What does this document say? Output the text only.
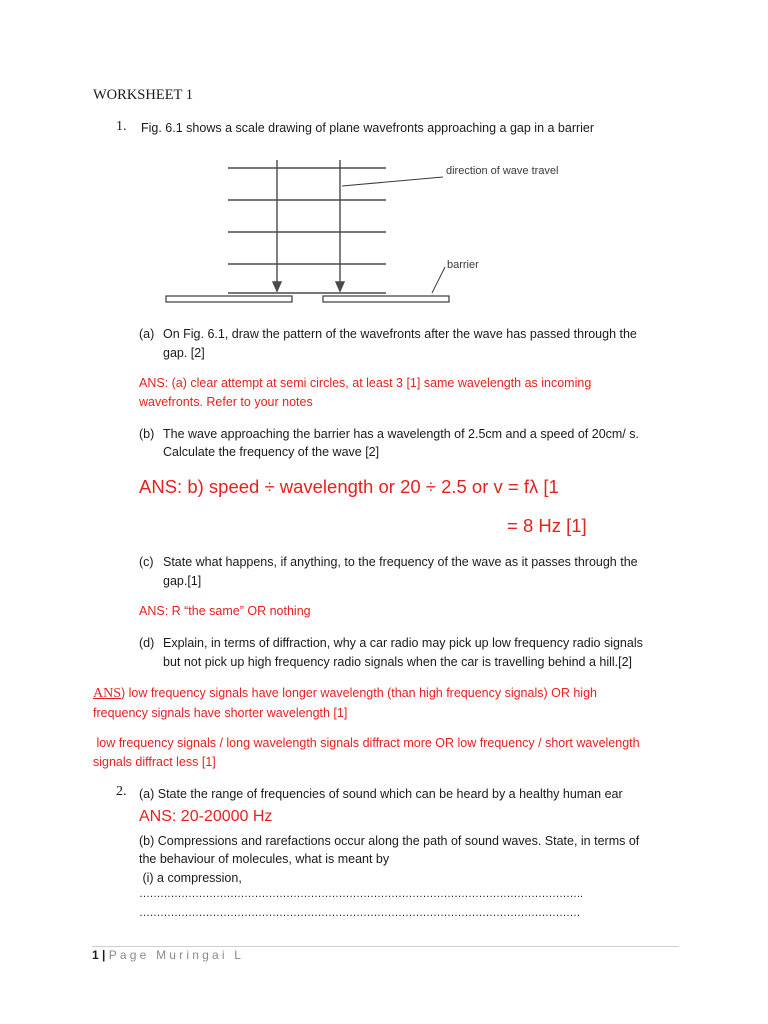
WORKSHEET 1
1. Fig. 6.1 shows a scale drawing of plane wavefronts approaching a gap in a barrier
direction of wave travel
barrier
(a) On Fig. 6.1, draw the pattern of the wavefronts after the wave has passed through the
gap. [2]
ANS: (a) clear attempt at semi circles, at least 3 [1] same wavelength as incoming
wavefronts. Refer to your notes
(b) The wave approaching the barrier has a wavelength of 2.5cm and a speed of 20cm/ s.
Calculate the frequency of the wave [2]
ANS: b) speed ÷ wavelength or 20 ÷ 2.5 or v = fλ [1
= 8 Hz [1]
(c) State what happens, if anything, to the frequency of the wave as it passes through the
gap.[1]
ANS: R “the same” OR nothing
(d) Explain, in terms of diffraction, why a car radio may pick up low frequency radio signals
but not pick up high frequency radio signals when the car is travelling behind a hill.[2]
ANS) low frequency signals have longer wavelength (than high frequency signals) OR high
frequency signals have shorter wavelength [1]
low frequency signals / long wavelength signals diffract more OR low frequency / short wavelength
signals diffract less [1]
2. (a) State the range of frequencies of sound which can be heard by a healthy human ear
ANS: 20-20000 Hz
(b) Compressions and rarefactions occur along the path of sound waves. State, in terms of
the behaviour of molecules, what is meant by
(i) a compression,
……………………………………………………………………………………………………………….
………………………………………………………………………………………………………………
1 | Page Muringai L
